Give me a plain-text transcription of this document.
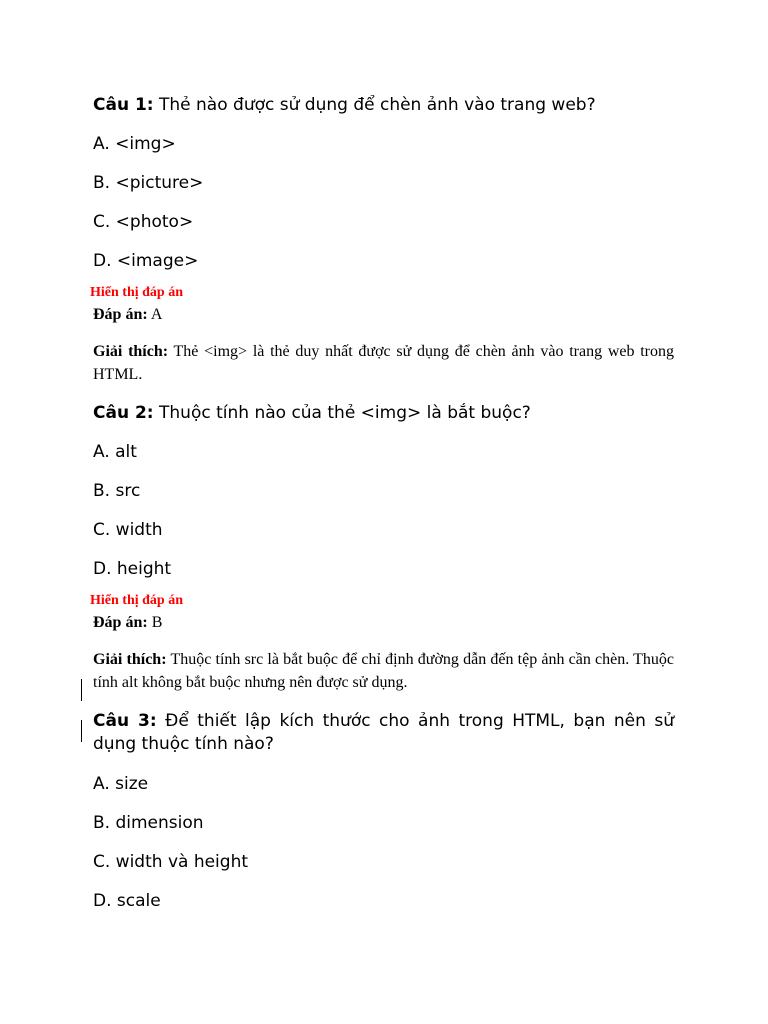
Câu 1: Thẻ nào được sử dụng để chèn ảnh vào trang web?

A. <img>

B. <picture>

C. <photo>

D. <image>

Hiển thị đáp án

Đáp án: A

Giải thích: Thẻ <img> là thẻ duy nhất được sử dụng để chèn ảnh vào trang web trong HTML.

Câu 2: Thuộc tính nào của thẻ <img> là bắt buộc?

A. alt

B. src

C. width

D. height

Hiển thị đáp án

Đáp án: B

Giải thích: Thuộc tính src là bắt buộc để chỉ định đường dẫn đến tệp ảnh cần chèn. Thuộc tính alt không bắt buộc nhưng nên được sử dụng.

Câu 3: Để thiết lập kích thước cho ảnh trong HTML, bạn nên sử dụng thuộc tính nào?

A. size

B. dimension

C. width và height

D. scale
